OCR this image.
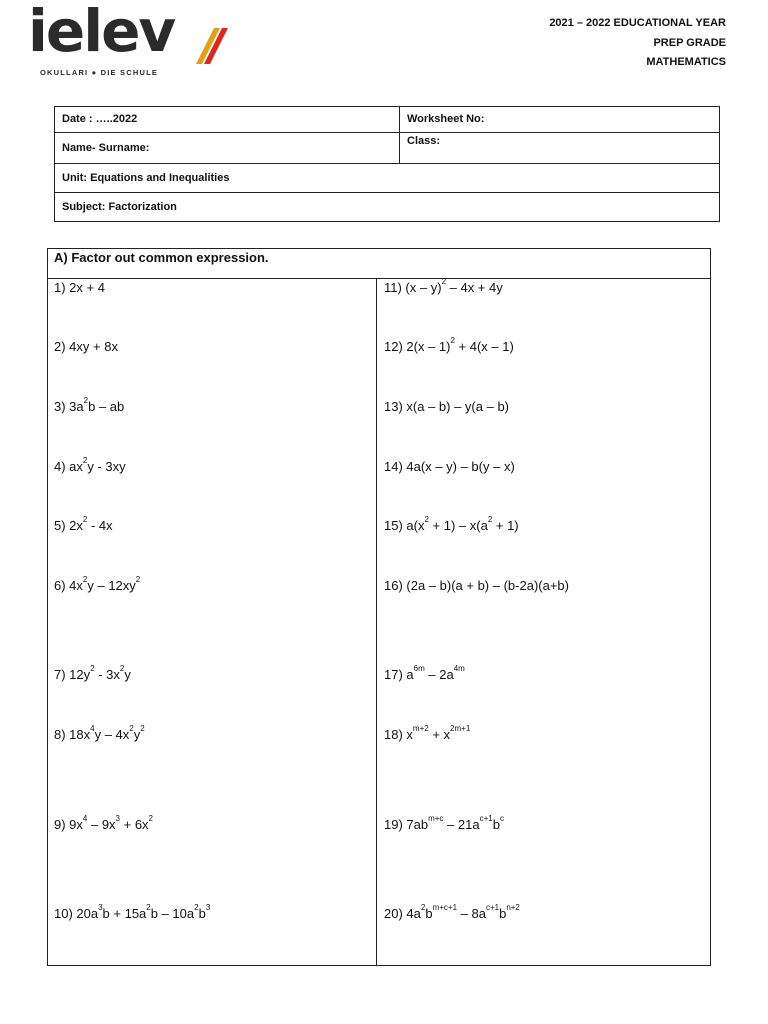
ielev
OKULLARI ● DIE SCHULE
2021 – 2022 EDUCATIONAL YEAR
PREP GRADE
MATHEMATICS
Date : …..2022	Worksheet No:
Name- Surname:	Class:
Unit: Equations and Inequalities	
Subject: Factorization	
A) Factor out common expression.
1) 2x + 4
2) 4xy + 8x
3) $3a^2b$ – ab
4) $ax^2y - 3xy$
5) $2x^2 - 4x$
6) $4x^2y - 12xy^2$
7) $12y^2 - 3x^2y$
8) $18x^4y - 4x^2y^2$
9) $9x^4 - 9x^3 + 6x^2$
10) $20a^3b + 15a^2b - 10a^2b^3$
11) (x – y)$^2$ – 4x + 4y
12) 2(x – 1)$^2$ + 4(x – 1)
13) x(a – b) – y(a – b)
14) 4a(x – y) – b(y – x)
15) $a(x^2 + 1) - x(a^2 + 1)$
16) (2a – b)(a + b) – (b-2a)(a+b)
17) $a^{6m} - 2a^{4m}$
18) $x^{m+2} + x^{2m+1}$
19) $7ab^{m+c} - 21a^{c+1}b^c$
20) $4a^2b^{m+c+1} - 8a^{c+1}b^{n+2}$
